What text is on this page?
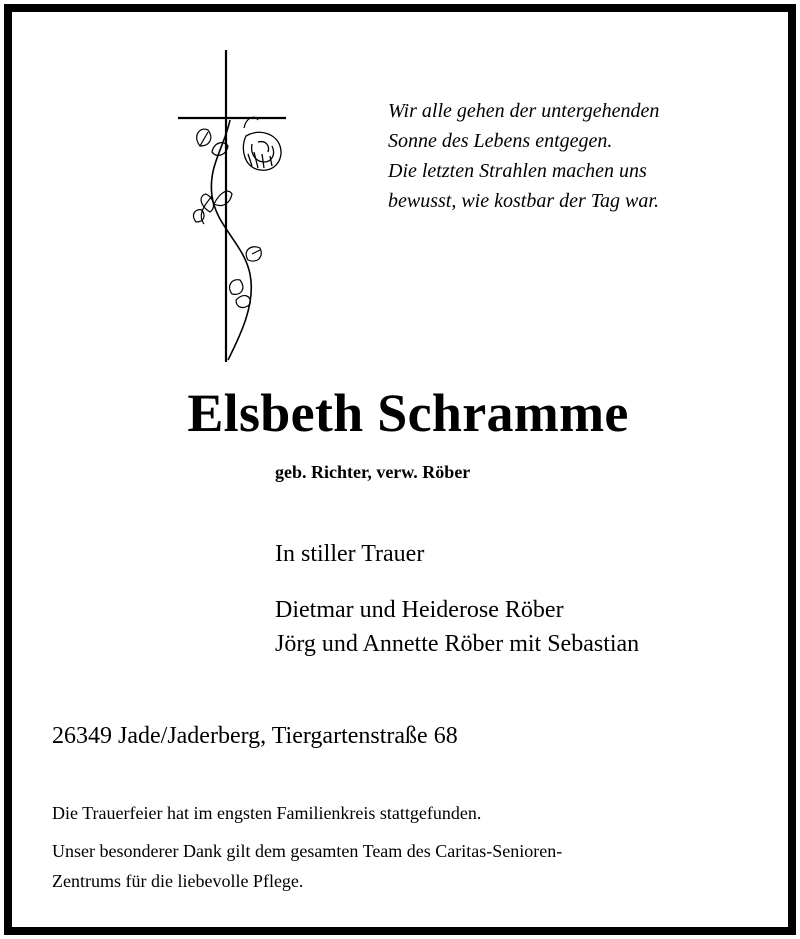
Wir alle gehen der untergehenden
Sonne des Lebens entgegen.
Die letzten Strahlen machen uns
bewusst, wie kostbar der Tag war.
Elsbeth Schramme
geb. Richter, verw. Röber
In stiller Trauer
Dietmar und Heiderose Röber
Jörg und Annette Röber mit Sebastian
26349 Jade/Jaderberg, Tiergartenstraße 68
Die Trauerfeier hat im engsten Familienkreis stattgefunden.
Unser besonderer Dank gilt dem gesamten Team des Caritas-Senioren-
Zentrums für die liebevolle Pflege.
